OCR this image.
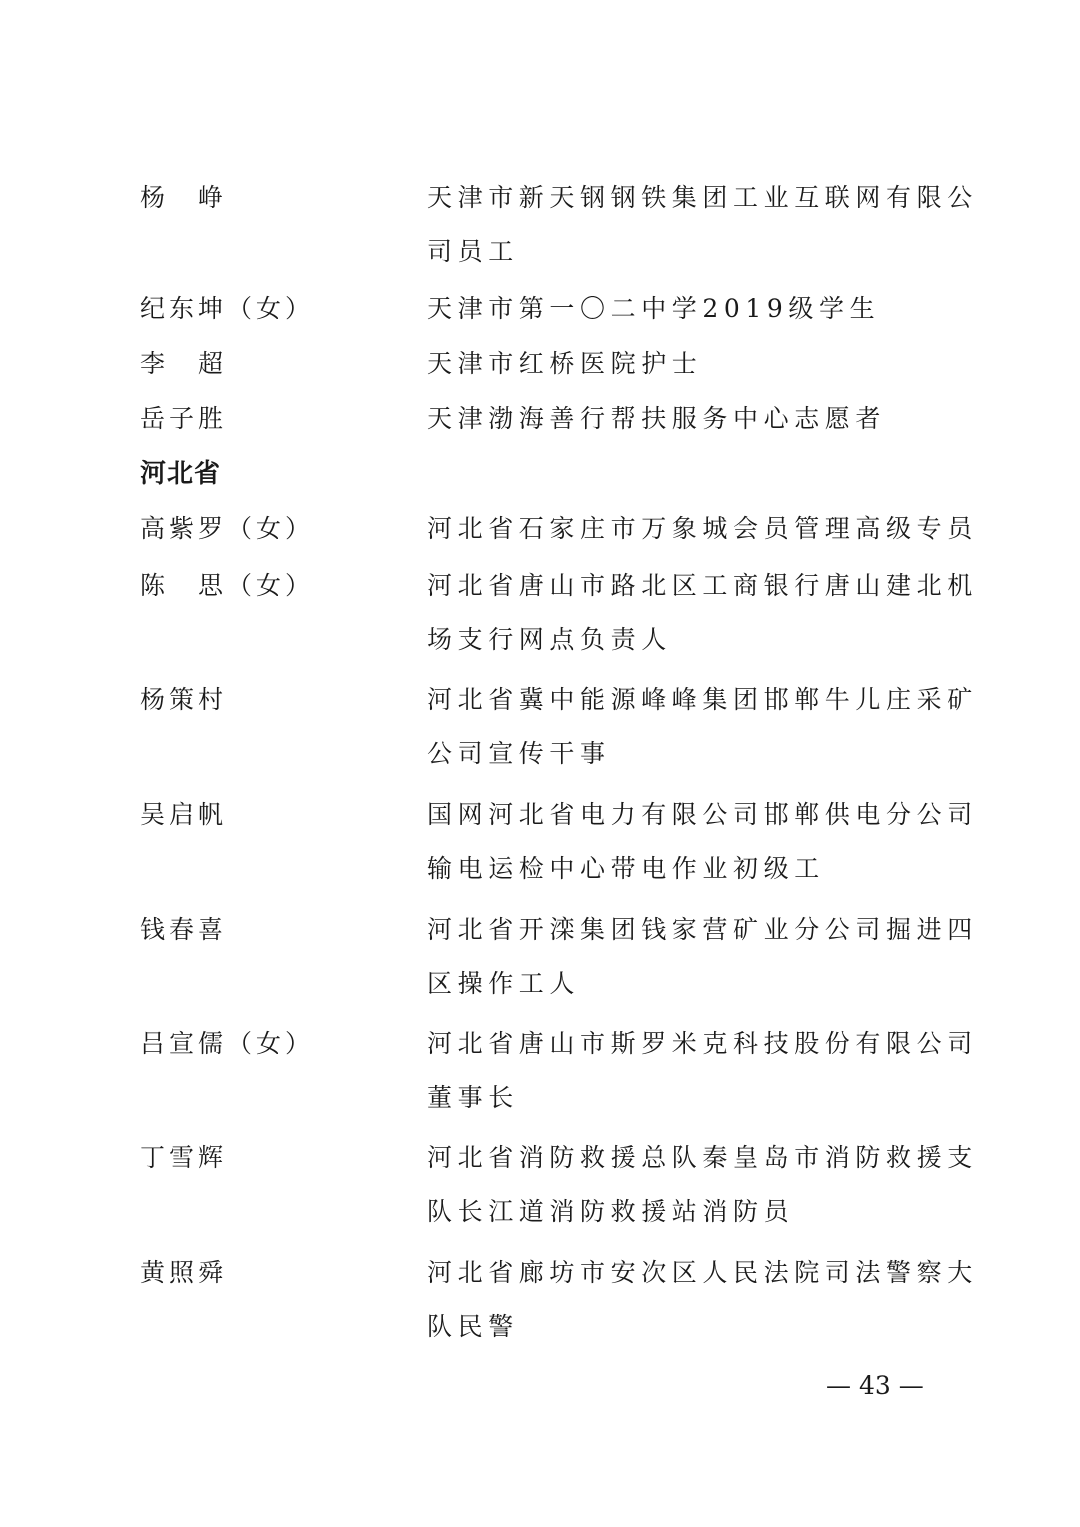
杨　峥	天津市新天钢钢铁集团工业互联网有限公
司员工
纪东坤（女）	天津市第一〇二中学2019级学生
李　超	天津市红桥医院护士
岳子胜	天津渤海善行帮扶服务中心志愿者
河北省
高紫罗（女）	河北省石家庄市万象城会员管理高级专员
陈　思（女）	河北省唐山市路北区工商银行唐山建北机
场支行网点负责人
杨策村	河北省冀中能源峰峰集团邯郸牛儿庄采矿
公司宣传干事
吴启帆	国网河北省电力有限公司邯郸供电分公司
输电运检中心带电作业初级工
钱春喜	河北省开滦集团钱家营矿业分公司掘进四
区操作工人
吕宣儒（女）	河北省唐山市斯罗米克科技股份有限公司
董事长
丁雪辉	河北省消防救援总队秦皇岛市消防救援支
队长江道消防救援站消防员
黄照舜	河北省廊坊市安次区人民法院司法警察大
队民警
— 43 —
